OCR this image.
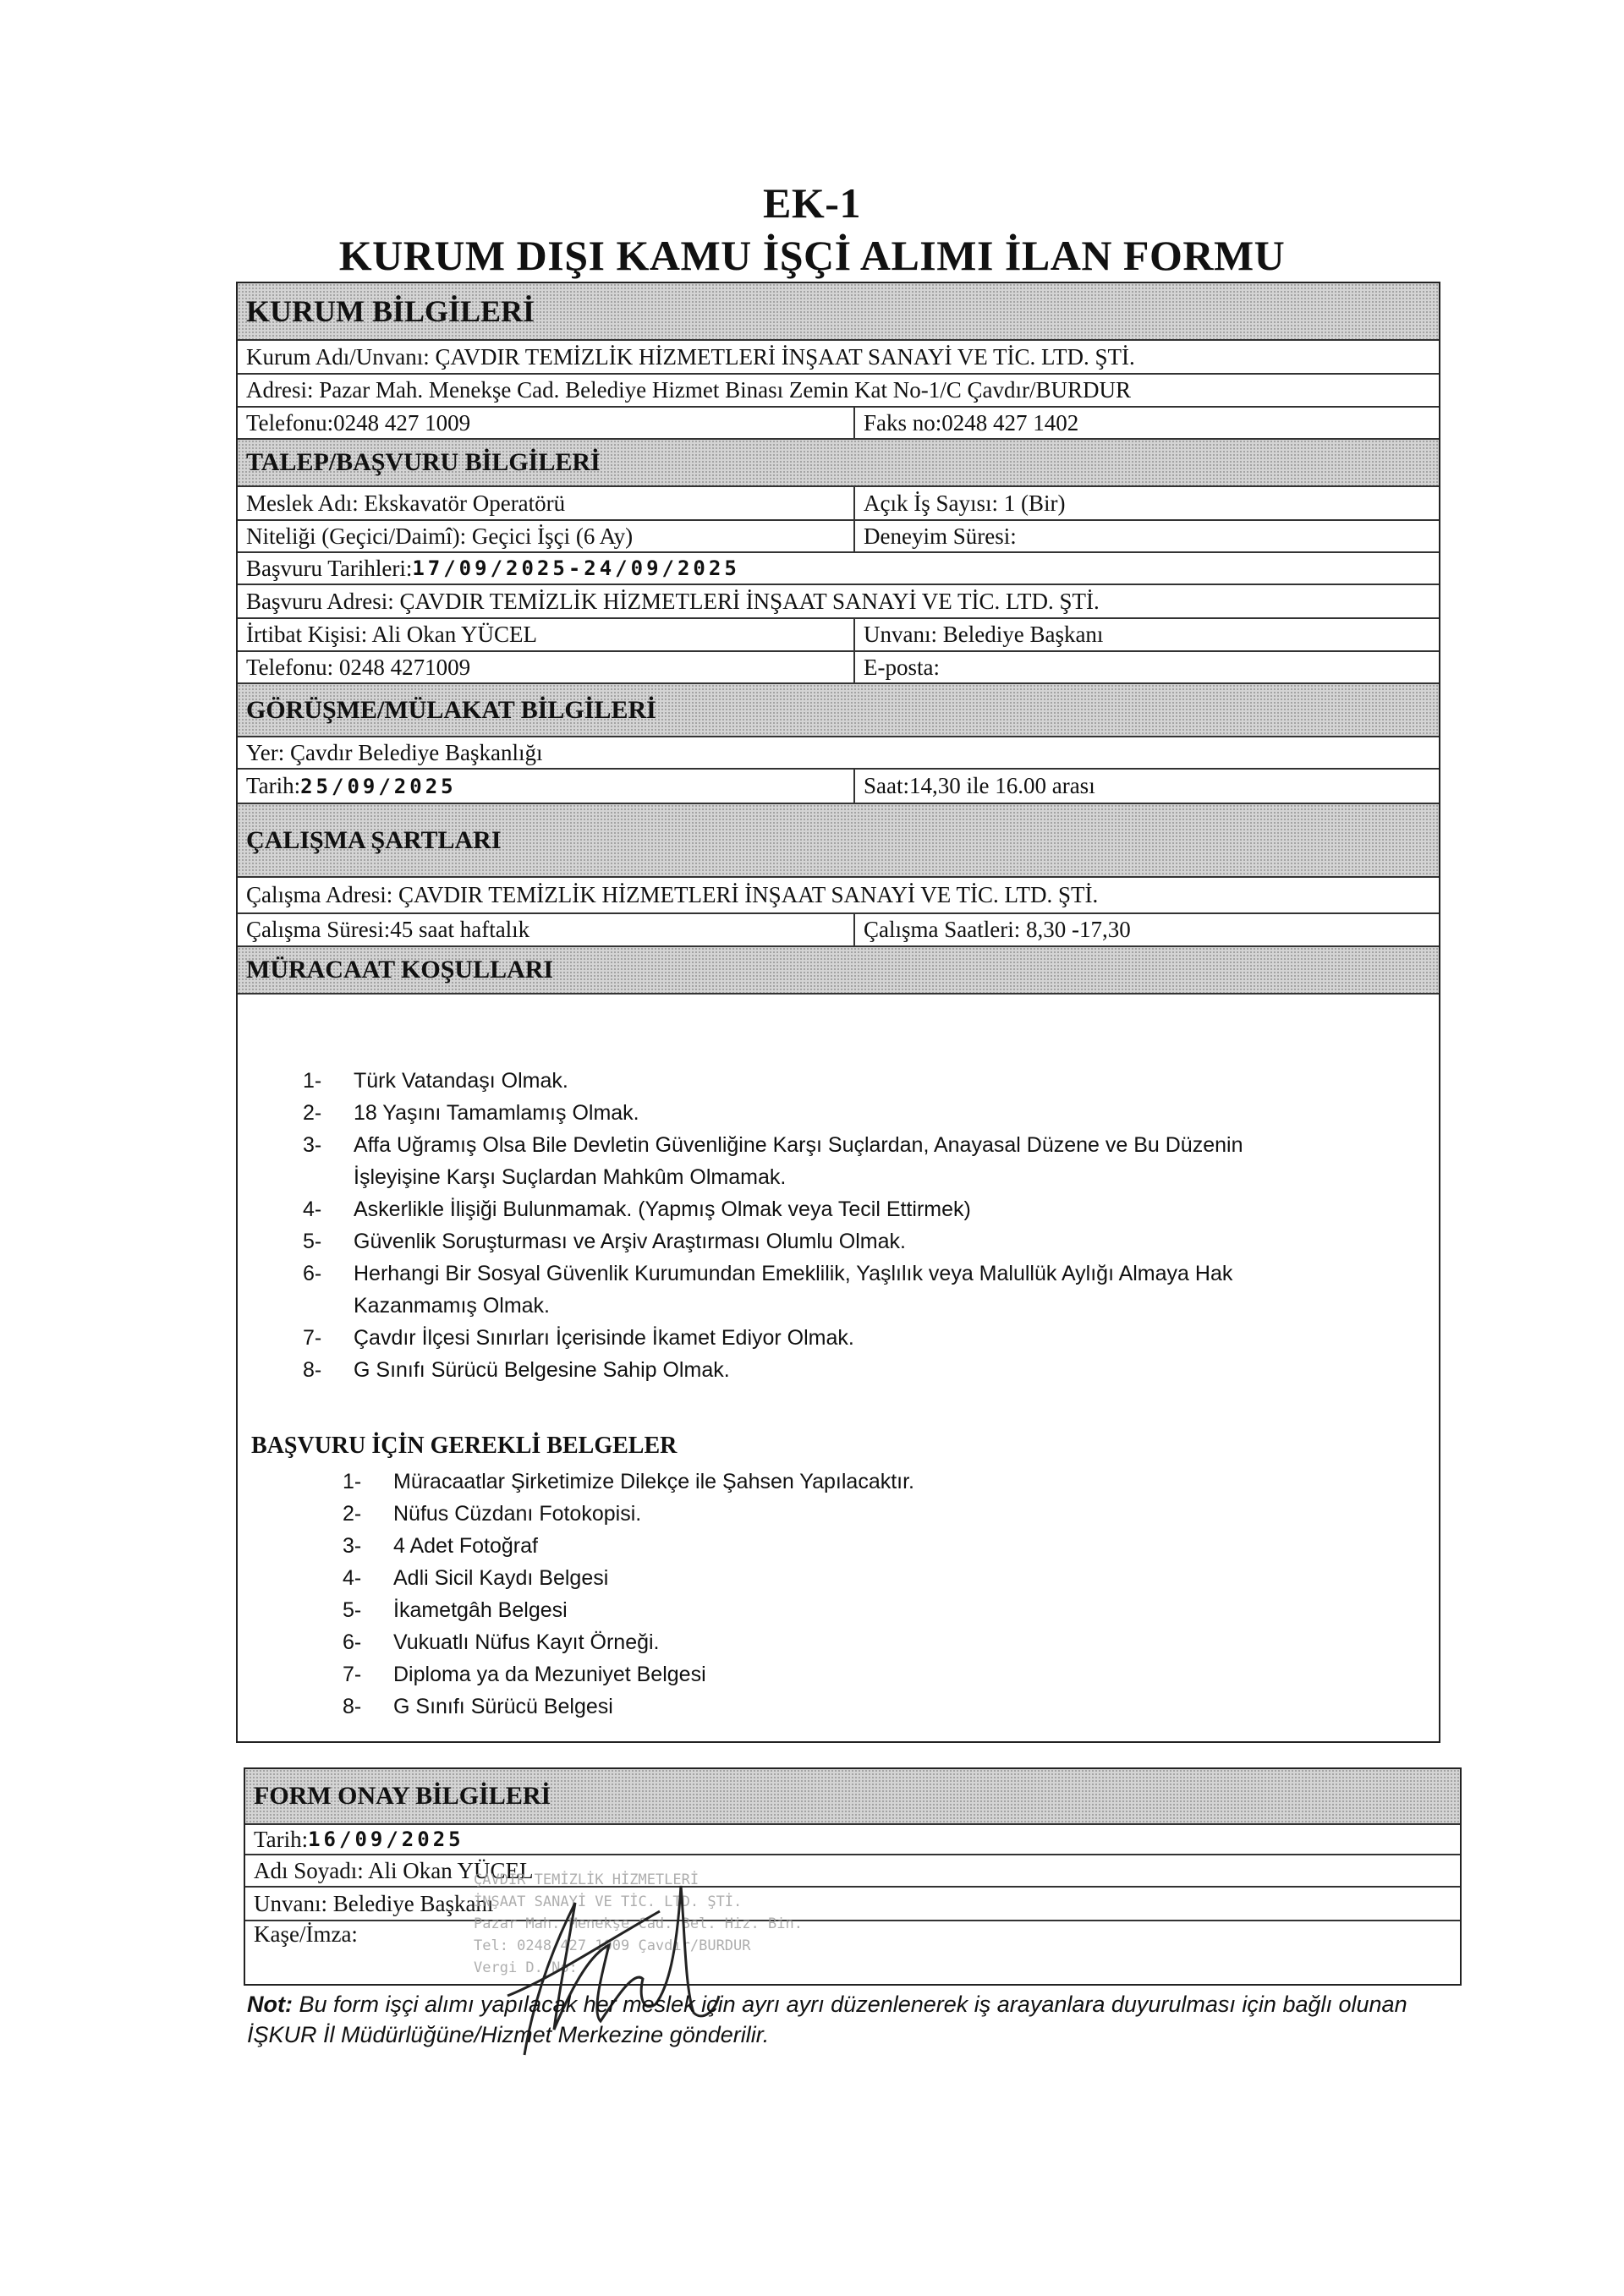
EK-1
KURUM DIŞI KAMU İŞÇİ ALIMI İLAN FORMU
KURUM BİLGİLERİ
Kurum Adı/Unvanı: ÇAVDIR TEMİZLİK HİZMETLERİ İNŞAAT SANAYİ VE TİC. LTD. ŞTİ.
Adresi: Pazar Mah. Menekşe Cad. Belediye Hizmet Binası Zemin Kat No-1/C Çavdır/BURDUR
Telefonu:0248 427 1009	Faks no:0248 427 1402
TALEP/BAŞVURU BİLGİLERİ
Meslek Adı: Ekskavatör Operatörü	Açık İş Sayısı: 1 (Bir)
Niteliği (Geçici/Daimî): Geçici İşçi (6 Ay)	Deneyim Süresi:
Başvuru Tarihleri: 17/09/2025-24/09/2025
Başvuru Adresi: ÇAVDIR TEMİZLİK HİZMETLERİ İNŞAAT SANAYİ VE TİC. LTD. ŞTİ.
İrtibat Kişisi: Ali Okan YÜCEL	Unvanı: Belediye Başkanı
Telefonu: 0248 4271009	E-posta:
GÖRÜŞME/MÜLAKAT BİLGİLERİ
Yer: Çavdır Belediye Başkanlığı
Tarih: 25/09/2025	Saat:14,30 ile 16.00 arası
ÇALIŞMA ŞARTLARI
Çalışma Adresi: ÇAVDIR TEMİZLİK HİZMETLERİ İNŞAAT SANAYİ VE TİC. LTD. ŞTİ.
Çalışma Süresi:45 saat haftalık	Çalışma Saatleri: 8,30 -17,30
MÜRACAAT KOŞULLARI
1-	Türk Vatandaşı Olmak.
2-	18 Yaşını Tamamlamış Olmak.
3-	Affa Uğramış Olsa Bile Devletin Güvenliğine Karşı Suçlardan, Anayasal Düzene ve Bu Düzenin
İşleyişine Karşı Suçlardan Mahkûm Olmamak.
4-	Askerlikle İlişiği Bulunmamak. (Yapmış Olmak veya Tecil Ettirmek)
5-	Güvenlik Soruşturması ve Arşiv Araştırması Olumlu Olmak.
6-	Herhangi Bir Sosyal Güvenlik Kurumundan Emeklilik, Yaşlılık veya Malullük Aylığı Almaya Hak
Kazanmamış Olmak.
7-	Çavdır İlçesi Sınırları İçerisinde İkamet Ediyor Olmak.
8-	G Sınıfı Sürücü Belgesine Sahip Olmak.
BAŞVURU İÇİN GEREKLİ BELGELER
1-	Müracaatlar Şirketimize Dilekçe ile Şahsen Yapılacaktır.
2-	Nüfus Cüzdanı Fotokopisi.
3-	4 Adet Fotoğraf
4-	Adli Sicil Kaydı Belgesi
5-	İkametgâh Belgesi
6-	Vukuatlı Nüfus Kayıt Örneği.
7-	Diploma ya da Mezuniyet Belgesi
8-	G Sınıfı Sürücü Belgesi
FORM ONAY BİLGİLERİ
Tarih: 16/09/2025
Adı Soyadı: Ali Okan YÜCEL
Unvanı: Belediye Başkanı
Kaşe/İmza:
ÇAVDIR TEMİZLİK HİZMETLERİ
İNŞAAT SANAYİ VE TİC. LTD. ŞTİ.
Pazar Mah. Menekşe Cad. Bel. Hiz. Bin.
Tel: 0248 427 1009 Çavdır/BURDUR
Vergi D. No:
Not: Bu form işçi alımı yapılacak her meslek için ayrı ayrı düzenlenerek iş arayanlara duyurulması için bağlı olunan İŞKUR İl Müdürlüğüne/Hizmet Merkezine gönderilir.
